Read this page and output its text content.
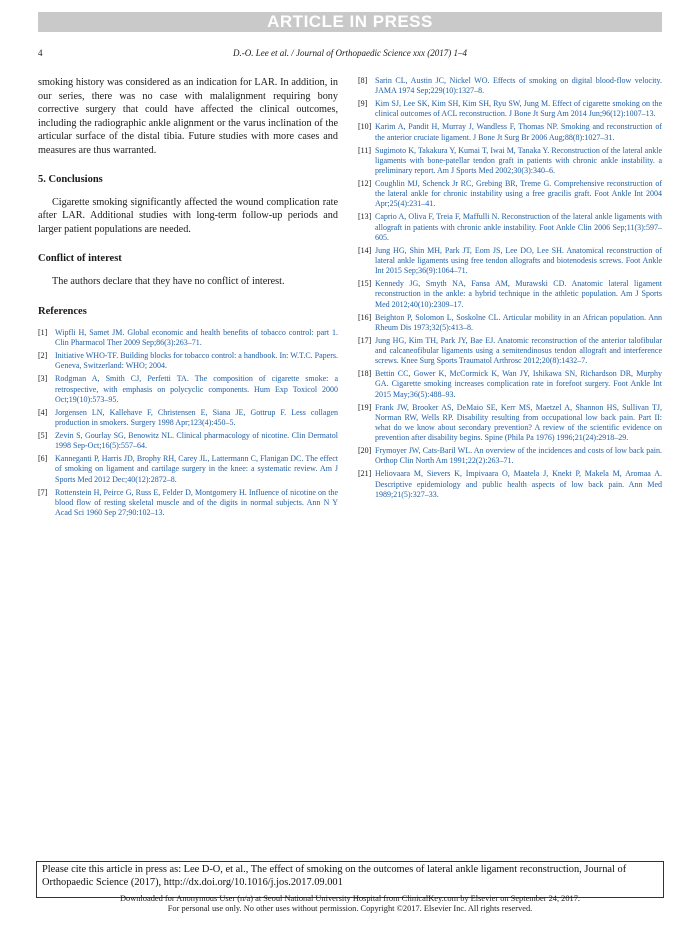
ARTICLE IN PRESS
4	D.-O. Lee et al. / Journal of Orthopaedic Science xxx (2017) 1–4

smoking history was considered as an indication for LAR. In addition, in our series, there was no case with malalignment requiring bony corrective surgery that could have affected the clinical outcomes, including the radiographic ankle alignment or the varus inclination of the articular surface of the distal tibia. Future studies with more cases and measures are thus warranted.

5. Conclusions

Cigarette smoking significantly affected the wound complication rate after LAR. Additional studies with long-term follow-up periods and larger patient populations are needed.

Conflict of interest

The authors declare that they have no conflict of interest.

References
[1] Wipfli H, Samet JM. Global economic and health benefits of tobacco control: part 1. Clin Pharmacol Ther 2009 Sep;86(3):263–71.
[2] Initiative WHO-TF. Building blocks for tobacco control: a handbook. In: W.T.C. Papers. Geneva, Switzerland: WHO; 2004.
[3] Rodgman A, Smith CJ, Perfetti TA. The composition of cigarette smoke: a retrospective, with emphasis on polycyclic components. Hum Exp Toxicol 2000 Oct;19(10):573–95.
[4] Jorgensen LN, Kallehave F, Christensen E, Siana JE, Gottrup F. Less collagen production in smokers. Surgery 1998 Apr;123(4):450–5.
[5] Zevin S, Gourlay SG, Benowitz NL. Clinical pharmacology of nicotine. Clin Dermatol 1998 Sep-Oct;16(5):557–64.
[6] Kanneganti P, Harris JD, Brophy RH, Carey JL, Lattermann C, Flanigan DC. The effect of smoking on ligament and cartilage surgery in the knee: a systematic review. Am J Sports Med 2012 Dec;40(12):2872–8.
[7] Rottenstein H, Peirce G, Russ E, Felder D, Montgomery H. Influence of nicotine on the blood flow of resting skeletal muscle and of the digits in normal subjects. Ann N Y Acad Sci 1960 Sep 27;90:102–13.
[8] Sarin CL, Austin JC, Nickel WO. Effects of smoking on digital blood-flow velocity. JAMA 1974 Sep;229(10):1327–8.
[9] Kim SJ, Lee SK, Kim SH, Kim SH, Ryu SW, Jung M. Effect of cigarette smoking on the clinical outcomes of ACL reconstruction. J Bone Jt Surg Am 2014 Jun;96(12):1007–13.
[10] Karim A, Pandit H, Murray J, Wandless F, Thomas NP. Smoking and reconstruction of the anterior cruciate ligament. J Bone Jt Surg Br 2006 Aug;88(8):1027–31.
[11] Sugimoto K, Takakura Y, Kumai T, Iwai M, Tanaka Y. Reconstruction of the lateral ankle ligaments with bone-patellar tendon graft in patients with chronic ankle instability. a preliminary report. Am J Sports Med 2002;30(3):340–6.
[12] Coughlin MJ, Schenck Jr RC, Grebing BR, Treme G. Comprehensive reconstruction of the lateral ankle for chronic instability using a free gracilis graft. Foot Ankle Int 2004 Apr;25(4):231–41.
[13] Caprio A, Oliva F, Treia F, Maffulli N. Reconstruction of the lateral ankle ligaments with allograft in patients with chronic ankle instability. Foot Ankle Clin 2006 Sep;11(3):597–605.
[14] Jung HG, Shin MH, Park JT, Eom JS, Lee DO, Lee SH. Anatomical reconstruction of lateral ankle ligaments using free tendon allografts and biotenodesis screws. Foot Ankle Int 2015 Sep;36(9):1064–71.
[15] Kennedy JG, Smyth NA, Fansa AM, Murawski CD. Anatomic lateral ligament reconstruction in the ankle: a hybrid technique in the athletic population. Am J Sports Med 2012;40(10):2309–17.
[16] Beighton P, Solomon L, Soskolne CL. Articular mobility in an African population. Ann Rheum Dis 1973;32(5):413–8.
[17] Jung HG, Kim TH, Park JY, Bae EJ. Anatomic reconstruction of the anterior talofibular and calcaneofibular ligaments using a semitendinosus tendon allograft and interference screws. Knee Surg Sports Traumatol Arthrosc 2012;20(8):1432–7.
[18] Bettin CC, Gower K, McCormick K, Wan JY, Ishikawa SN, Richardson DR, Murphy GA. Cigarette smoking increases complication rate in forefoot surgery. Foot Ankle Int 2015 May;36(5):488–93.
[19] Frank JW, Brooker AS, DeMaio SE, Kerr MS, Maetzel A, Shannon HS, Sullivan TJ, Norman RW, Wells RP. Disability resulting from occupational low back pain. Part II: what do we know about secondary prevention? A review of the scientific evidence on prevention after disability begins. Spine (Phila Pa 1976) 1996;21(24):2918–29.
[20] Frymoyer JW, Cats-Baril WL. An overview of the incidences and costs of low back pain. Orthop Clin North Am 1991;22(2):263–71.
[21] Heliovaara M, Sievers K, Impivaara O, Maatela J, Knekt P, Makela M, Aromaa A. Descriptive epidemiology and public health aspects of low back pain. Ann Med 1989;21(5):327–33.
Please cite this article in press as: Lee D-O, et al., The effect of smoking on the outcomes of lateral ankle ligament reconstruction, Journal of Orthopaedic Science (2017), http://dx.doi.org/10.1016/j.jos.2017.09.001
Downloaded for Anonymous User (n/a) at Seoul National University Hospital from ClinicalKey.com by Elsevier on September 24, 2017.
For personal use only. No other uses without permission. Copyright ©2017. Elsevier Inc. All rights reserved.
